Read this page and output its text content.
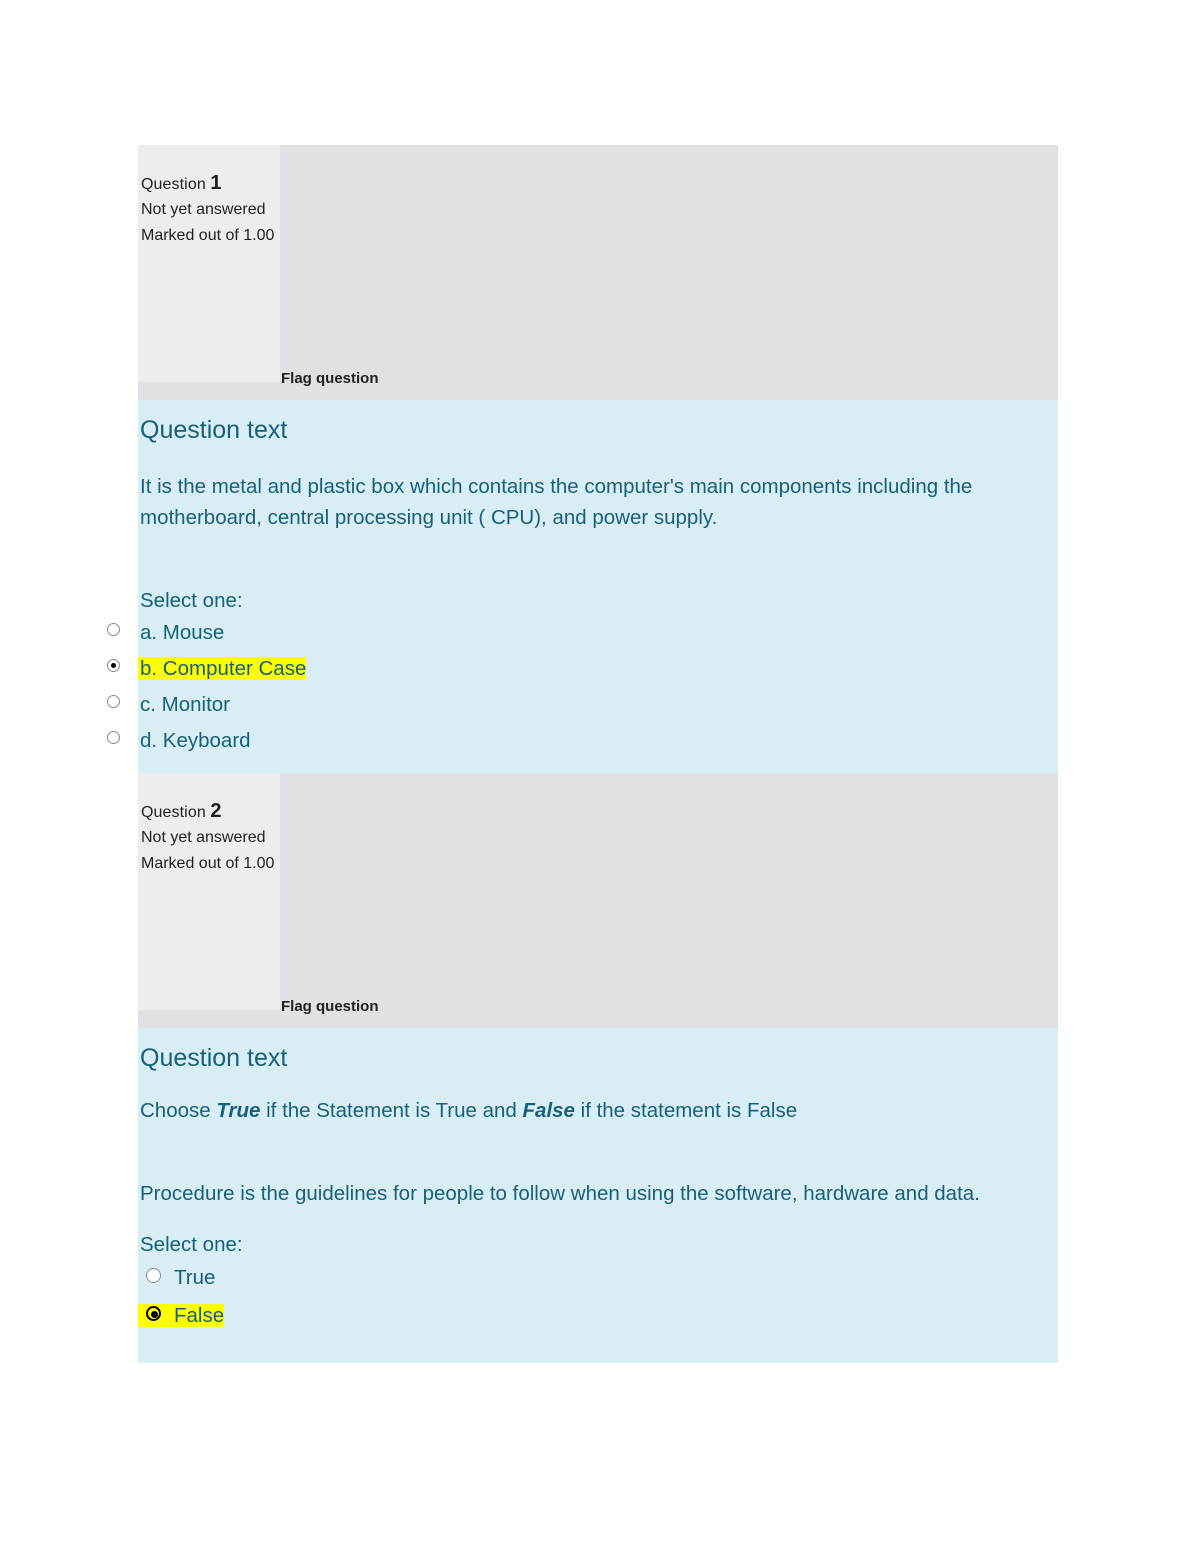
Question 1
Not yet answered
Marked out of 1.00
Flag question
Question text
It is the metal and plastic box which contains the computer's main components including the motherboard, central processing unit ( CPU), and power supply.
Select one:
a. Mouse
b. Computer Case
c. Monitor
d. Keyboard
Question 2
Not yet answered
Marked out of 1.00
Flag question
Question text
Choose True if the Statement is True and False if the statement is False
Procedure is the guidelines for people to follow when using the software, hardware and data.
Select one:
True
False
